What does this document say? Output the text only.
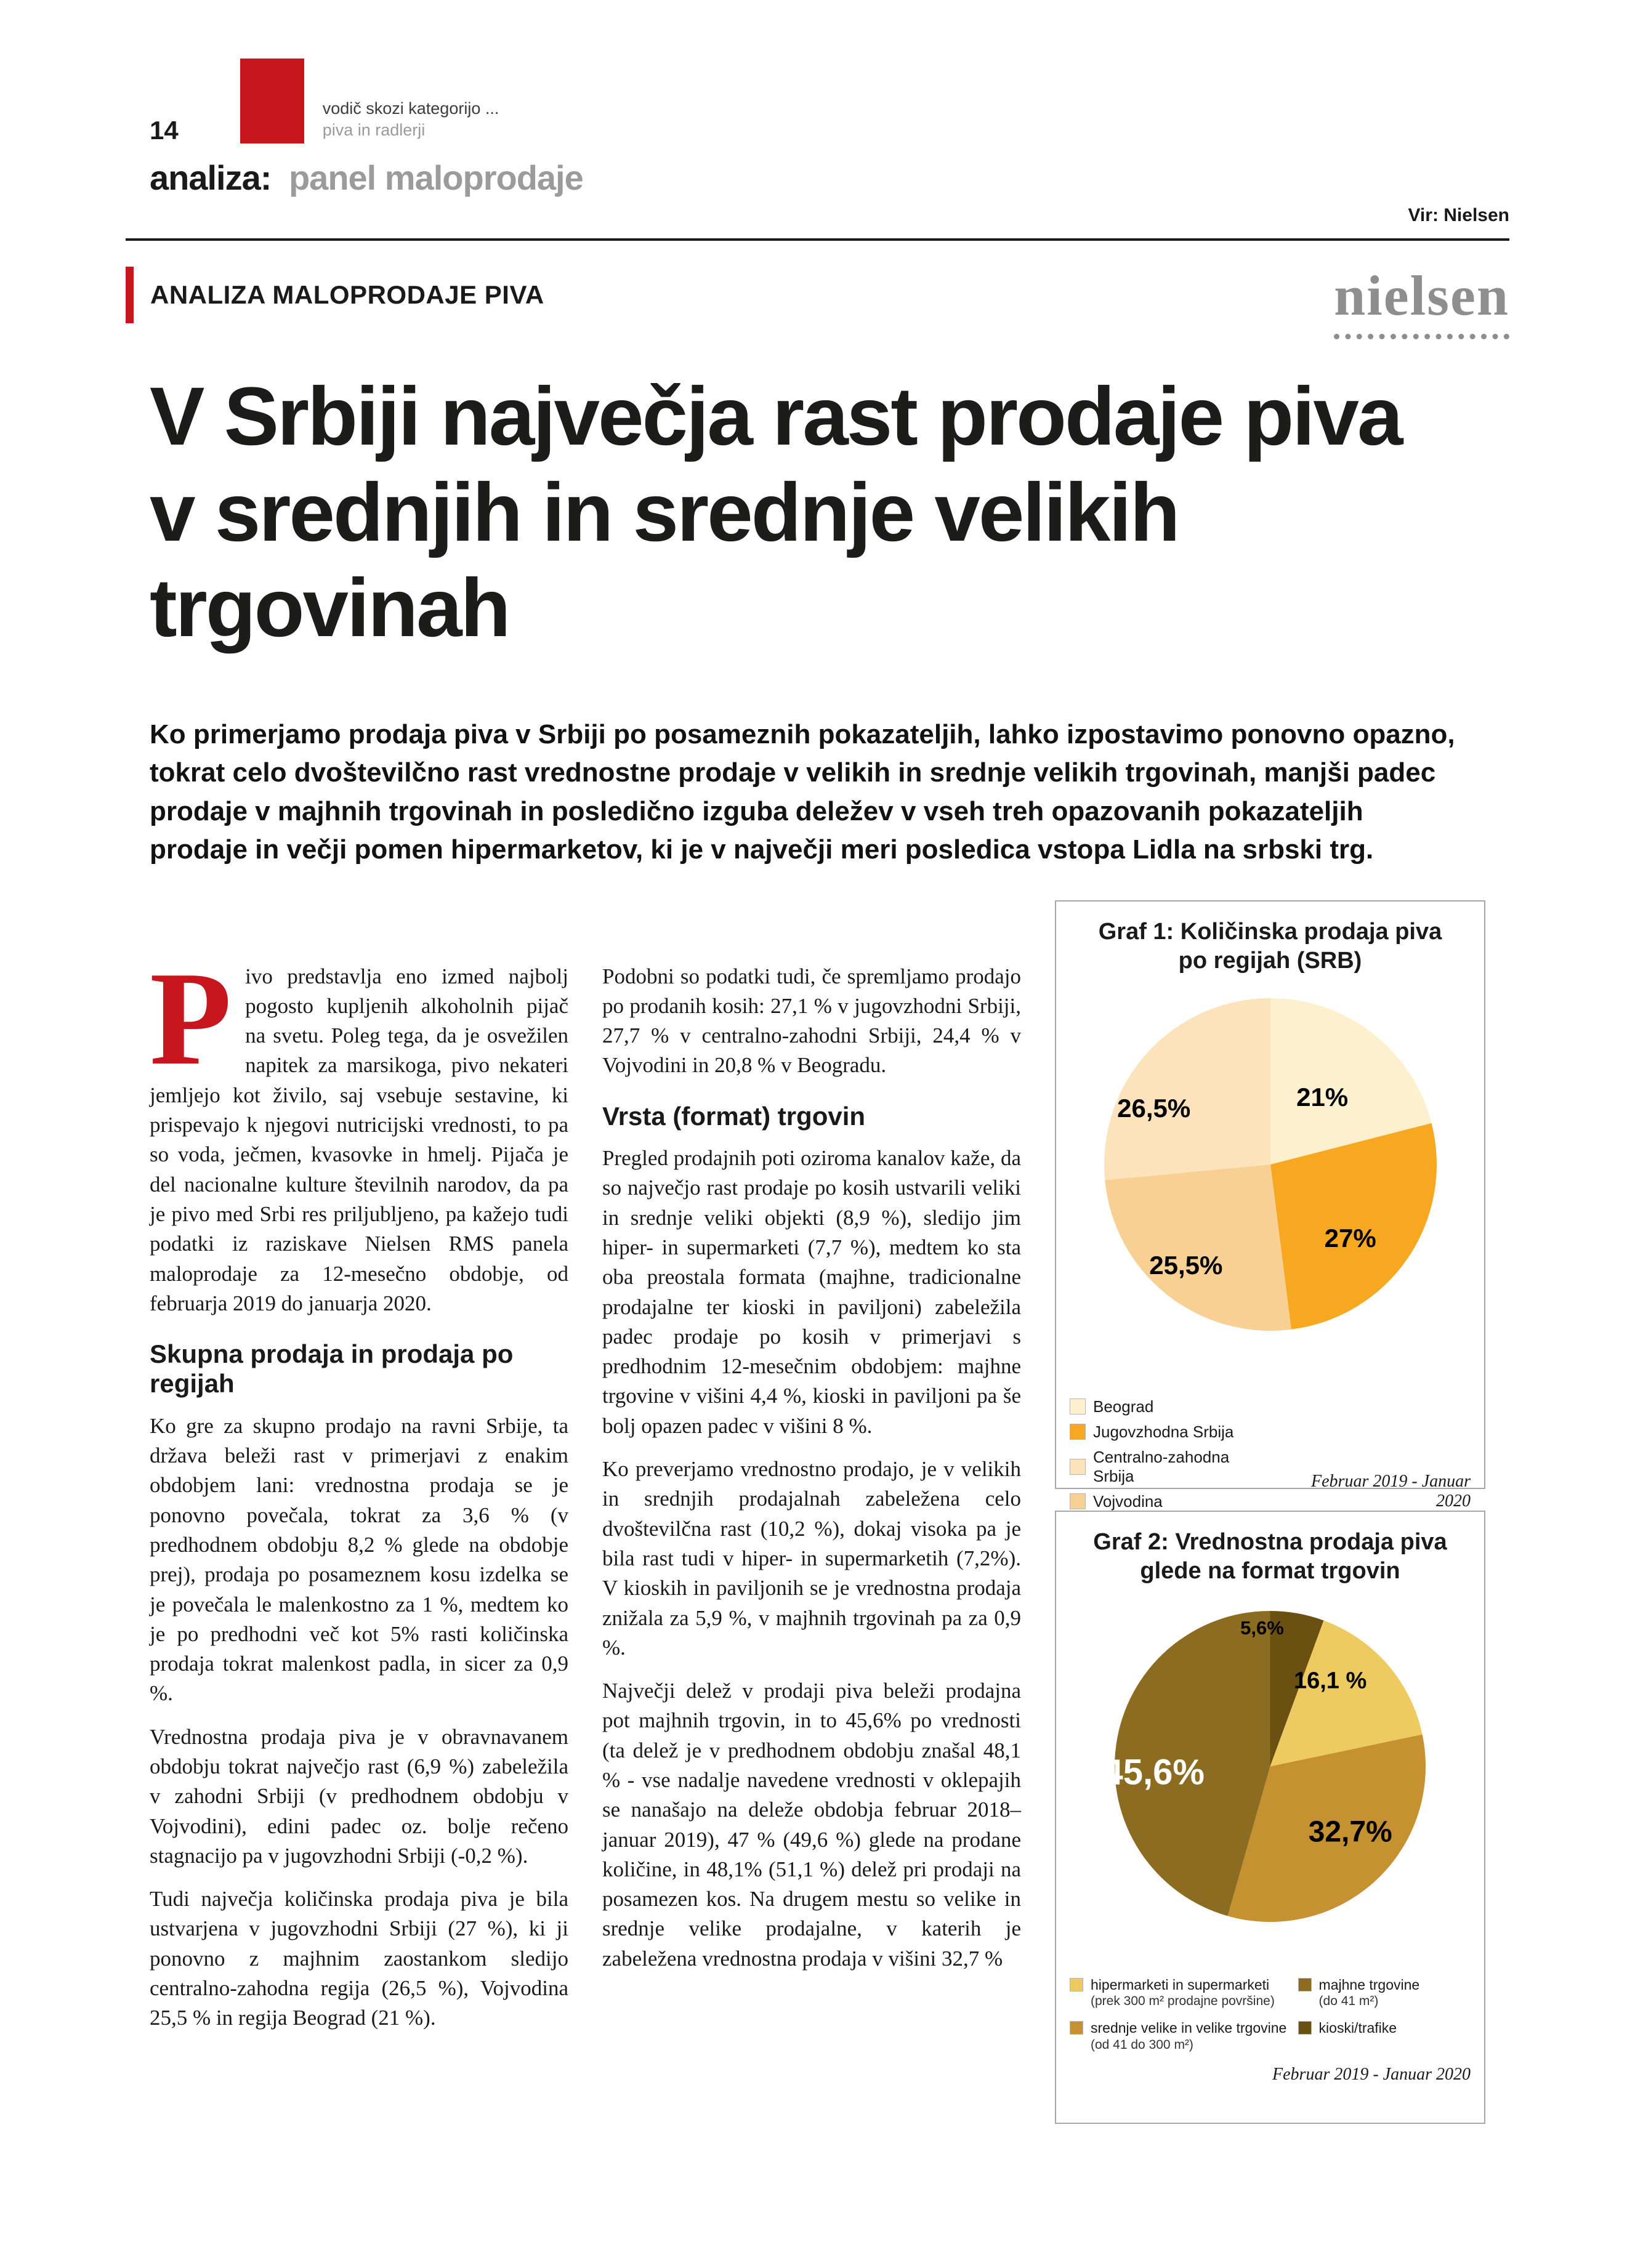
14
vodič skozi kategorijo ...
piva in radlerji
analiza: panel maloprodaje
Vir: Nielsen
ANALIZA MALOPRODAJE PIVA	nielsen
V Srbiji največja rast prodaje piva v srednjih in srednje velikih trgovinah

Ko primerjamo prodaja piva v Srbiji po posameznih pokazateljih, lahko izpostavimo ponovno opazno, tokrat celo dvoštevilčno rast vrednostne prodaje v velikih in srednje velikih trgovinah, manjši padec prodaje v majhnih trgovinah in posledično izguba deležev v vseh treh opazovanih pokazateljih prodaje in večji pomen hipermarketov, ki je v največji meri posledica vstopa Lidla na srbski trg.

Pivo predstavlja eno izmed najbolj pogosto kupljenih alkoholnih pijač na svetu. Poleg tega, da je osvežilen napitek za marsikoga, pivo nekateri jemljejo kot živilo, saj vsebuje sestavine, ki prispevajo k njegovi nutricijski vrednosti, to pa so voda, ječmen, kvasovke in hmelj. Pijača je del nacionalne kulture številnih narodov, da pa je pivo med Srbi res priljubljeno, pa kažejo tudi podatki iz raziskave Nielsen RMS panela maloprodaje za 12-mesečno obdobje, od februarja 2019 do januarja 2020.

Skupna prodaja in prodaja po regijah

Ko gre za skupno prodajo na ravni Srbije, ta država beleži rast v primerjavi z enakim obdobjem lani: vrednostna prodaja se je ponovno povečala, tokrat za 3,6 % (v predhodnem obdobju 8,2 % glede na obdobje prej), prodaja po posameznem kosu izdelka se je povečala le malenkostno za 1 %, medtem ko je po predhodni več kot 5% rasti količinska prodaja tokrat malenkost padla, in sicer za 0,9 %.

Vrednostna prodaja piva je v obravnavanem obdobju tokrat največjo rast (6,9 %) zabeležila v zahodni Srbiji (v predhodnem obdobju v Vojvodini), edini padec oz. bolje rečeno stagnacijo pa v jugovzhodni Srbiji (-0,2 %).

Tudi največja količinska prodaja piva je bila ustvarjena v jugovzhodni Srbiji (27 %), ki ji ponovno z majhnim zaostankom sledijo centralno-zahodna regija (26,5 %), Vojvodina 25,5 % in regija Beograd (21 %).

Podobni so podatki tudi, če spremljamo prodajo po prodanih kosih: 27,1 % v jugovzhodni Srbiji, 27,7 % v centralno-zahodni Srbiji, 24,4 % v Vojvodini in 20,8 % v Beogradu.

Vrsta (format) trgovin

Pregled prodajnih poti oziroma kanalov kaže, da so največjo rast prodaje po kosih ustvarili veliki in srednje veliki objekti (8,9 %), sledijo jim hiper- in supermarketi (7,7 %), medtem ko sta oba preostala formata (majhne, tradicionalne prodajalne ter kioski in paviljoni) zabeležila padec prodaje po kosih v primerjavi s predhodnim 12-mesečnim obdobjem: majhne trgovine v višini 4,4 %, kioski in paviljoni pa še bolj opazen padec v višini 8 %.

Ko preverjamo vrednostno prodajo, je v velikih in srednjih prodajalnah zabeležena celo dvoštevilčna rast (10,2 %), dokaj visoka pa je bila rast tudi v hiper- in supermarketih (7,2%). V kioskih in paviljonih se je vrednostna prodaja znižala za 5,9 %, v majhnih trgovinah pa za 0,9 %.

Največji delež v prodaji piva beleži prodajna pot majhnih trgovin, in to 45,6% po vrednosti (ta delež je v predhodnem obdobju znašal 48,1 % - vse nadalje navedene vrednosti v oklepajih se nanašajo na deleže obdobja februar 2018–januar 2019), 47 % (49,6 %) glede na prodane količine, in 48,1% (51,1 %) delež pri prodaji na posamezen kos. Na drugem mestu so velike in srednje velike prodajalne, v katerih je zabeležena vrednostna prodaja v višini 32,7 %

Graf 1: Količinska prodaja piva po regijah (SRB)
26,5%	21%
27%
25,5%
Beograd
Jugovzhodna Srbija
Centralno-zahodna Srbija
Vojvodina
Februar 2019 - Januar 2020
Graf 2: Vrednostna prodaja piva glede na format trgovin
5,6%
16,1 %
32,7%
45,6%
hipermarketi in supermarketi
(prek 300 m² prodajne površine)
majhne trgovine
(do 41 m²)
srednje velike in velike trgovine
(od 41 do 300 m²)
kioski/trafike
Februar 2019 - Januar 2020
